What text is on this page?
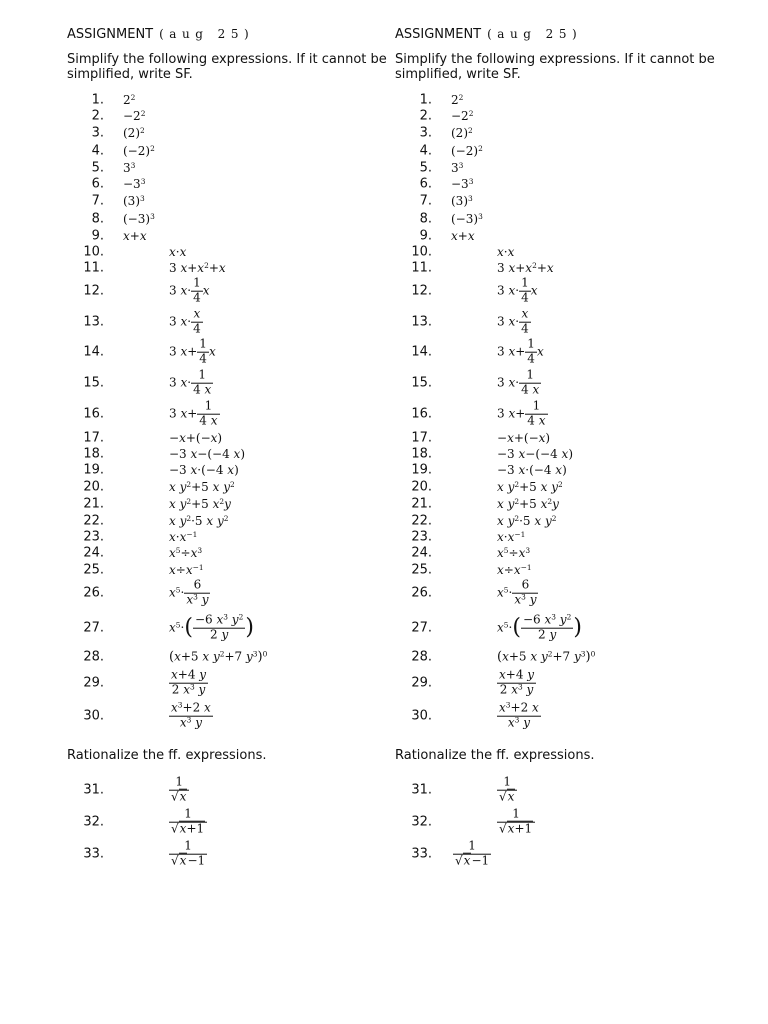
ASSIGNMENT (aug 25)
Simplify the following expressions. If it cannot be simplified, write SF.
1. $2^2$
2. $-2^2$
3. $(2)^2$
4. $(-2)^2$
5. $3^3$
6. $-3^3$
7. $(3)^3$
8. $(-3)^3$
9. x+x
10.	x·x
11.	3 $x+x^2+x$
12.	3 $x\cdot \frac{1}{4}$ x
13.	3 $x\cdot \frac{x}{4}$
14.	3 $x+ \frac{1}{4}$ x
15.	3 $x\cdot \frac{1}{4 x}$
16.	3 $x+ \frac{1}{4 x}$
17.	−x+(−x)
18.	−3 x−(−4 x)
19.	−3 x·(−4 x)
20.	x $y^2+5$ x $y^2$
21.	x $y^2+5$ $x^2y$
22.	x $y^2\cdot 5$ x $y^2$
23.	$x\cdot x^{-1}$
24.	$x^5\div x^3$
25.	$x\div x^{-1}$
26.	$x^5\cdot \frac{6}{x^3 y}$
27.	$x^5\cdot( \frac{-6 x^3 y^2}{2 y}$ )
28.	(x+5 x $y^2+7$ $y^3)^0$
29.	$\frac{x+4 y}{2 x^3 y}$
30.	$\frac{x^3+2 x}{x^3 y}$
Rationalize the ff. expressions.
31.	$\frac{1}{√x}$
32.	$\frac{1}{√x+1}$
33.	$\frac{1}{√x-1}$
ASSIGNMENT (aug 25)
Simplify the following expressions. If it cannot be simplified, write SF.
1. $2^2$
2. $-2^2$
3. $(2)^2$
4. $(-2)^2$
5. $3^3$
6. $-3^3$
7. $(3)^3$
8. $(-3)^3$
9. x+x
10.	x·x
11.	3 $x+x^2+x$
12.	3 $x\cdot \frac{1}{4}$ x
13.	3 $x\cdot \frac{x}{4}$
14.	3 $x+ \frac{1}{4}$ x
15.	3 $x\cdot \frac{1}{4 x}$
16.	3 $x+ \frac{1}{4 x}$
17.	−x+(−x)
18.	−3 x−(−4 x)
19.	−3 x·(−4 x)
20.	x $y^2+5$ x $y^2$
21.	x $y^2+5$ $x^2y$
22.	x $y^2\cdot 5$ x $y^2$
23.	$x\cdot x^{-1}$
24.	$x^5\div x^3$
25.	$x\div x^{-1}$
26.	$x^5\cdot \frac{6}{x^3 y}$
27.	$x^5\cdot( \frac{-6 x^3 y^2}{2 y}$ )
28.	(x+5 x $y^2+7$ $y^3)^0$
29.	$\frac{x+4 y}{2 x^3 y}$
30.	$\frac{x^3+2 x}{x^3 y}$
Rationalize the ff. expressions.
31.	$\frac{1}{√x}$
32.	$\frac{1}{√x+1}$
33. $\frac{1}{√x-1}$
